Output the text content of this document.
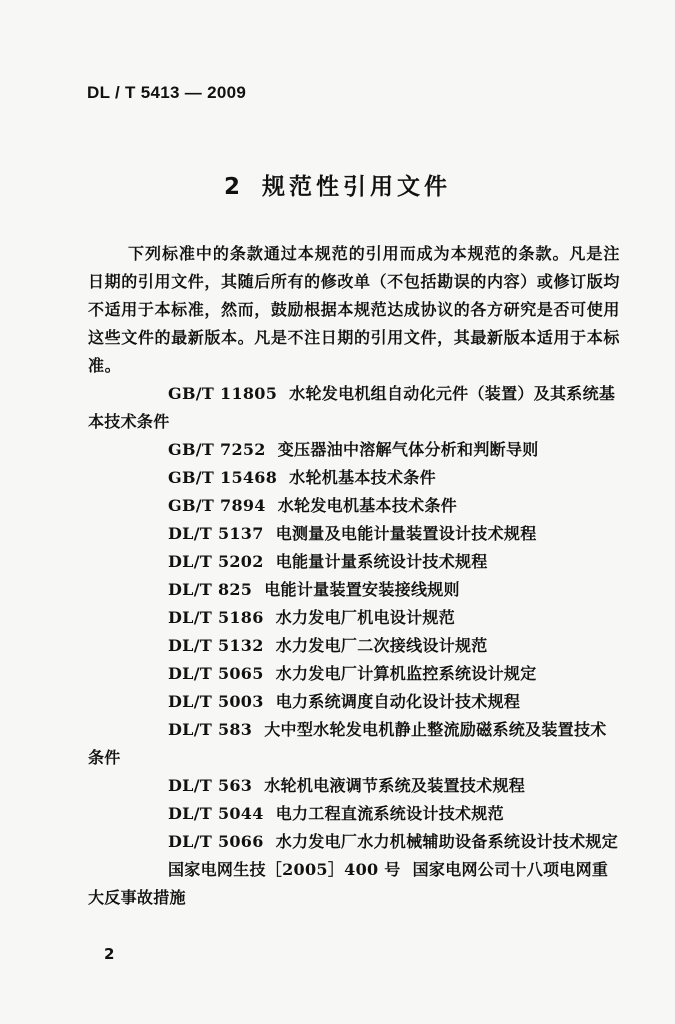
DL / T 5413 — 2009
2 规范性引用文件
下列标准中的条款通过本规范的引用而成为本规范的条款。凡是注日期的引用文件，其随后所有的修改单（不包括勘误的内容）或修订版均不适用于本标准，然而，鼓励根据本规范达成协议的各方研究是否可使用这些文件的最新版本。凡是不注日期的引用文件，其最新版本适用于本标准。
GB/T 11805 水轮发电机组自动化元件（装置）及其系统基本技术条件
GB/T 7252 变压器油中溶解气体分析和判断导则
GB/T 15468 水轮机基本技术条件
GB/T 7894 水轮发电机基本技术条件
DL/T 5137 电测量及电能计量装置设计技术规程
DL/T 5202 电能量计量系统设计技术规程
DL/T 825 电能计量装置安装接线规则
DL/T 5186 水力发电厂机电设计规范
DL/T 5132 水力发电厂二次接线设计规范
DL/T 5065 水力发电厂计算机监控系统设计规定
DL/T 5003 电力系统调度自动化设计技术规程
DL/T 583 大中型水轮发电机静止整流励磁系统及装置技术条件
DL/T 563 水轮机电液调节系统及装置技术规程
DL/T 5044 电力工程直流系统设计技术规范
DL/T 5066 水力发电厂水力机械辅助设备系统设计技术规定
国家电网生技［2005］400 号 国家电网公司十八项电网重大反事故措施
2
